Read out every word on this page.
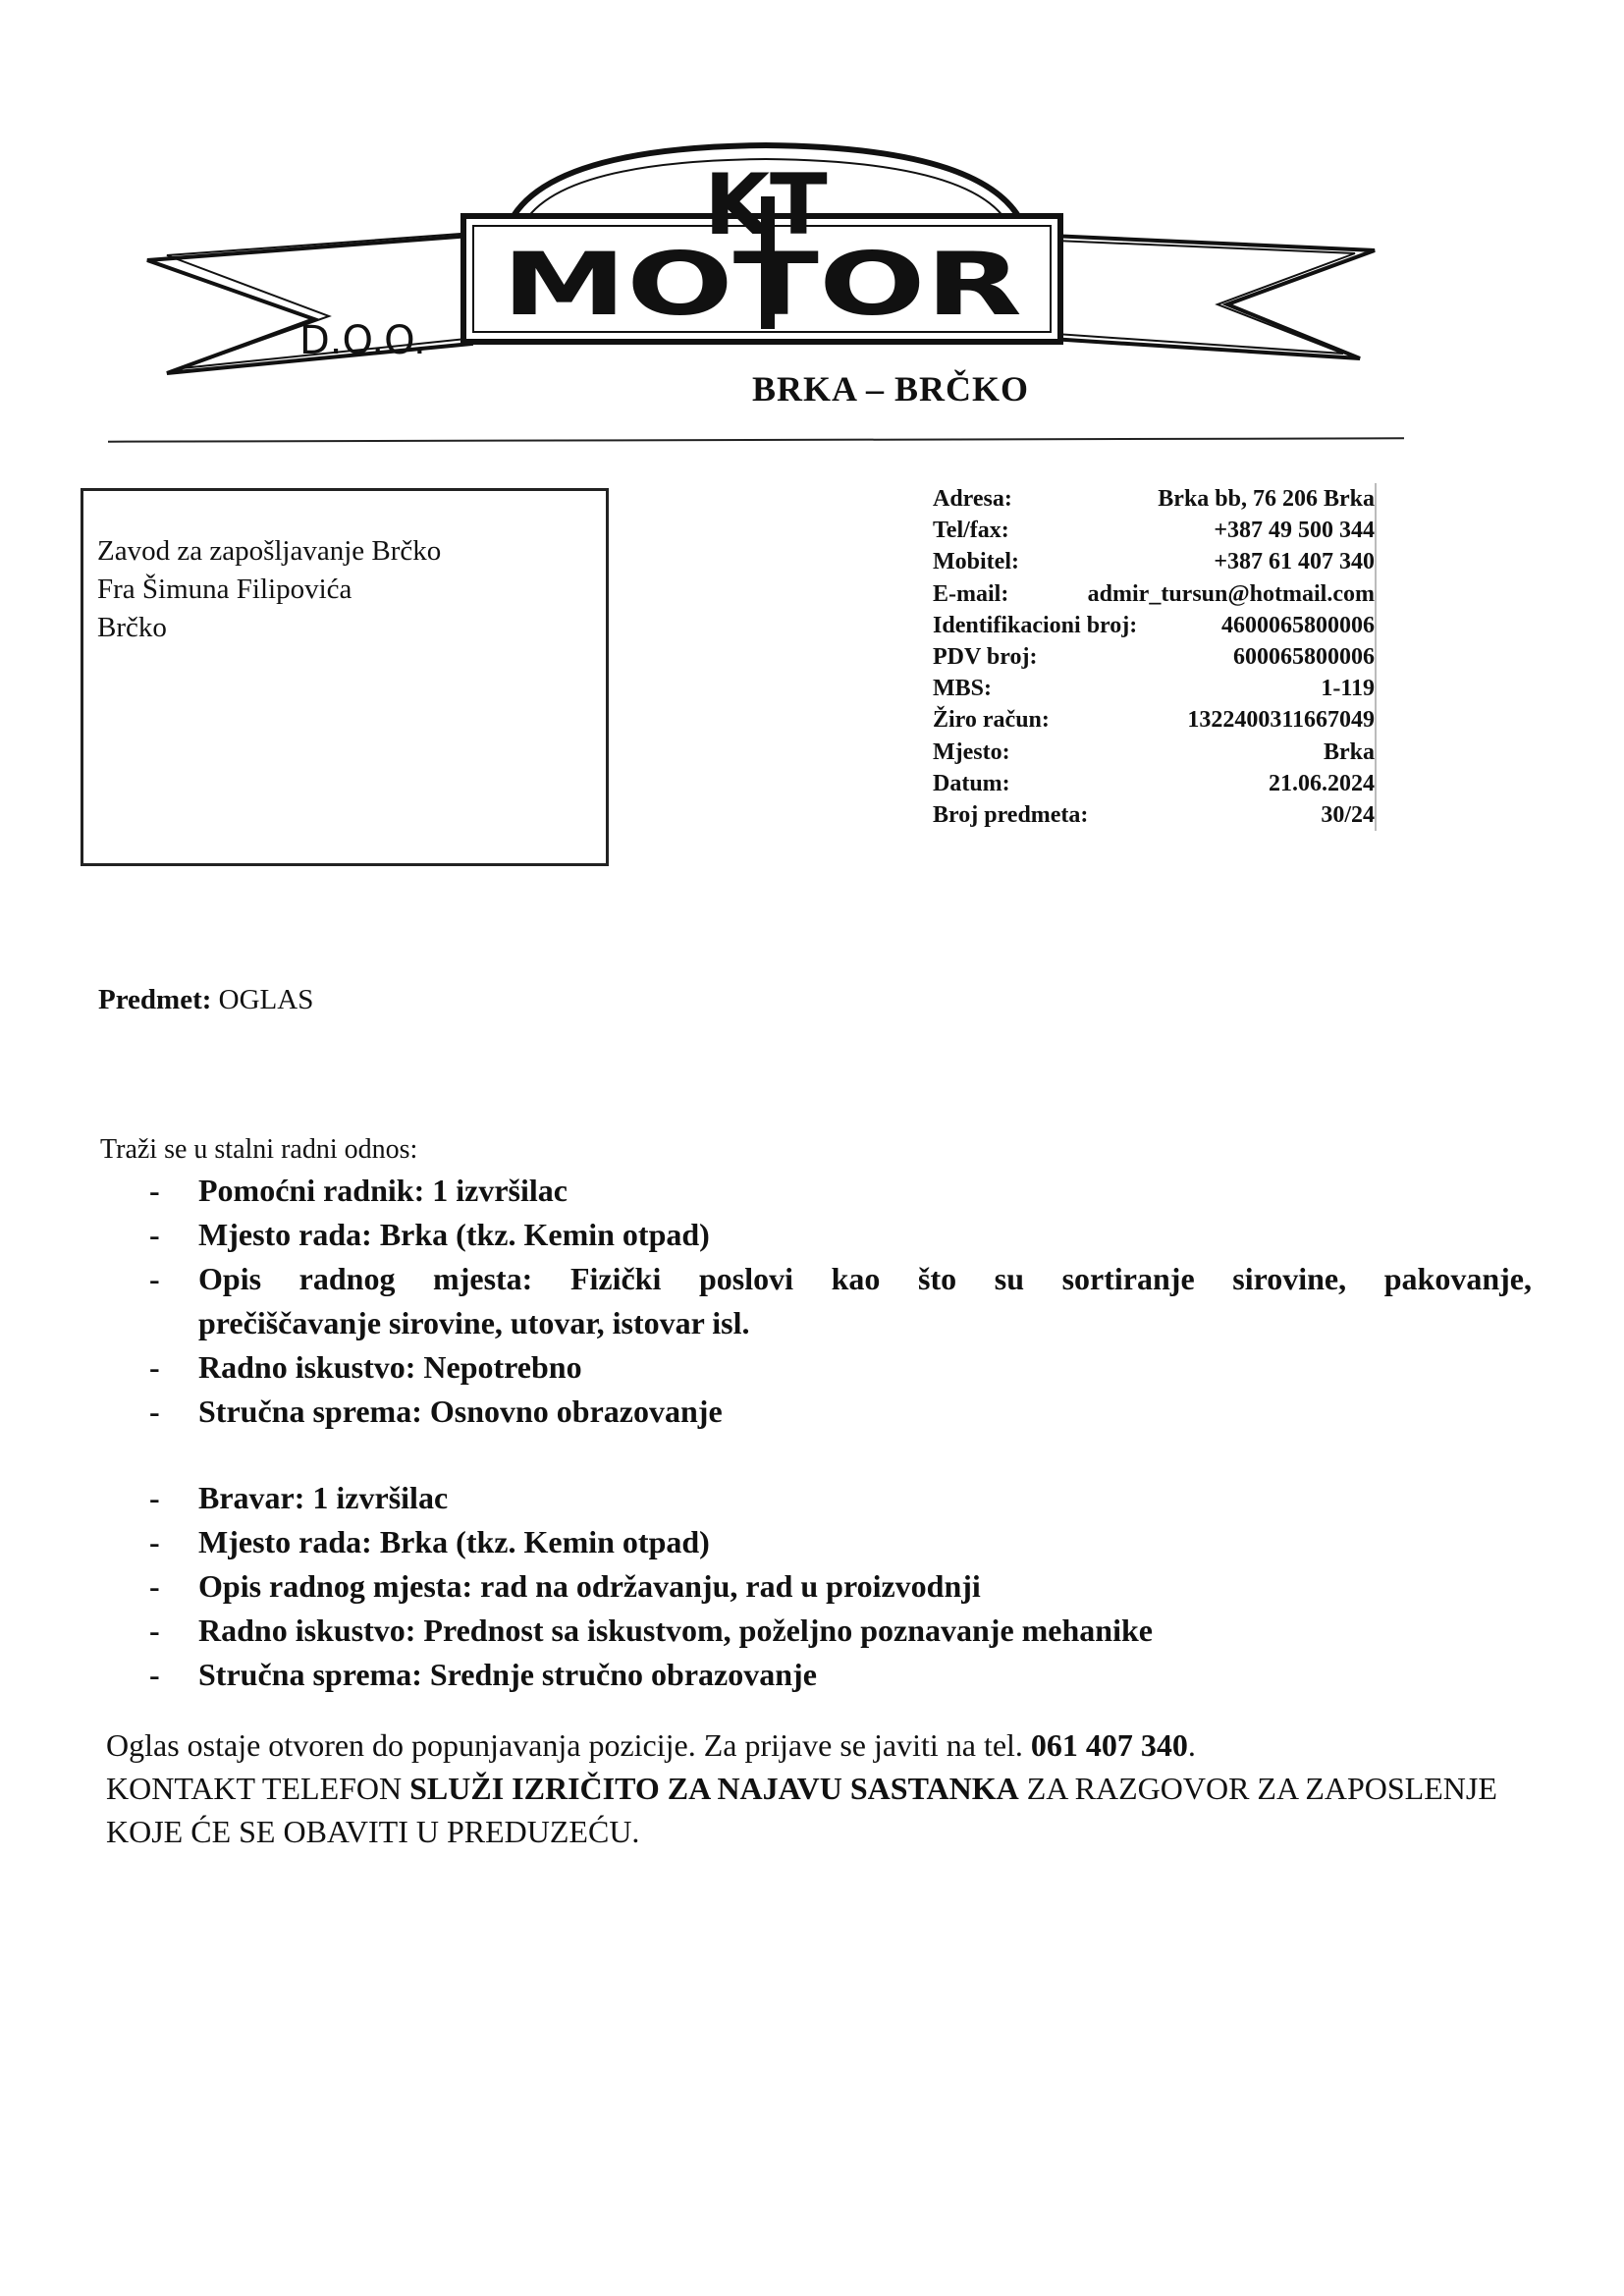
KT
MOTOR
D.O.O.
BRKA – BRČKO
Zavod za zapošljavanje Brčko
Fra Šimuna Filipovića
Brčko
Adresa:	Brka bb, 76 206 Brka
Tel/fax:	+387 49 500 344
Mobitel:	+387 61 407 340
E-mail:	admir_tursun@hotmail.com
Identifikacioni broj:	4600065800006
PDV broj:	600065800006
MBS:	1-119
Žiro račun:	1322400311667049
Mjesto:	Brka
Datum:	21.06.2024
Broj predmeta:	30/24
Predmet: OGLAS
Traži se u stalni radni odnos:
-	Pomoćni radnik: 1 izvršilac
-	Mjesto rada: Brka (tkz. Kemin otpad)
-	Opis radnog mjesta: Fizički poslovi kao što su sortiranje sirovine, pakovanje,
prečiščavanje sirovine, utovar, istovar isl.
-	Radno iskustvo: Nepotrebno
-	Stručna sprema: Osnovno obrazovanje
-	Bravar: 1 izvršilac
-	Mjesto rada: Brka (tkz. Kemin otpad)
-	Opis radnog mjesta: rad na održavanju, rad u proizvodnji
-	Radno iskustvo: Prednost sa iskustvom, poželjno poznavanje mehanike
-	Stručna sprema: Srednje stručno obrazovanje
Oglas ostaje otvoren do popunjavanja pozicije. Za prijave se javiti na tel. 061 407 340.
KONTAKT TELEFON SLUŽI IZRIČITO ZA NAJAVU SASTANKA ZA RAZGOVOR ZA ZAPOSLENJE KOJE ĆE SE OBAVITI U PREDUZEĆU.
